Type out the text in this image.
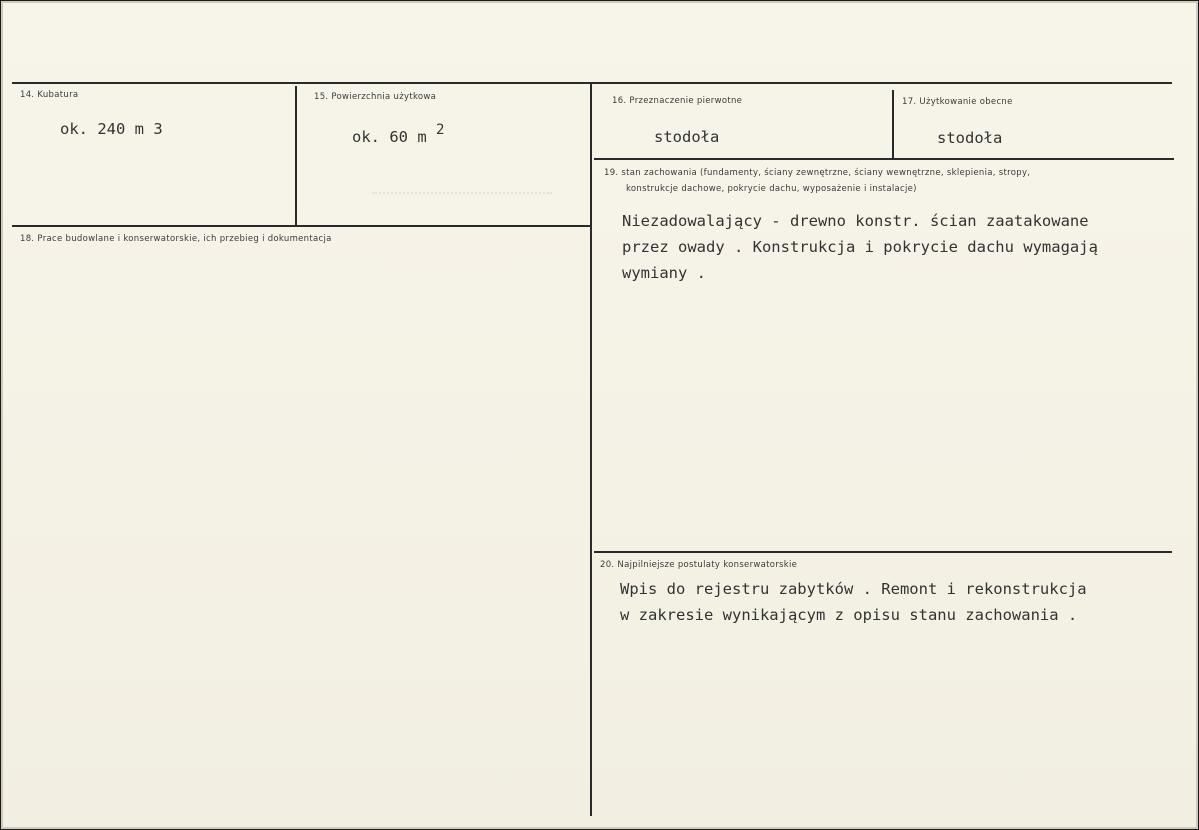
14. Kubatura
ok. 240 m 3
15. Powierzchnia użytkowa
ok. 60 m $^2$
16. Przeznaczenie pierwotne
stodoła
17. Użytkowanie obecne
stodoła
18. Prace budowlane i konserwatorskie, ich przebieg i dokumentacja
19. stan zachowania (fundamenty, ściany zewnętrzne, ściany wewnętrzne, sklepienia, stropy,
konstrukcje dachowe, pokrycie dachu, wyposażenie i instalacje)
Niezadowalający - drewno konstr. ścian zaatakowane
przez owady . Konstrukcja i pokrycie dachu wymagają
wymiany .
20. Najpilniejsze postulaty konserwatorskie
Wpis do rejestru zabytków . Remont i rekonstrukcja
w zakresie wynikającym z opisu stanu zachowania .
